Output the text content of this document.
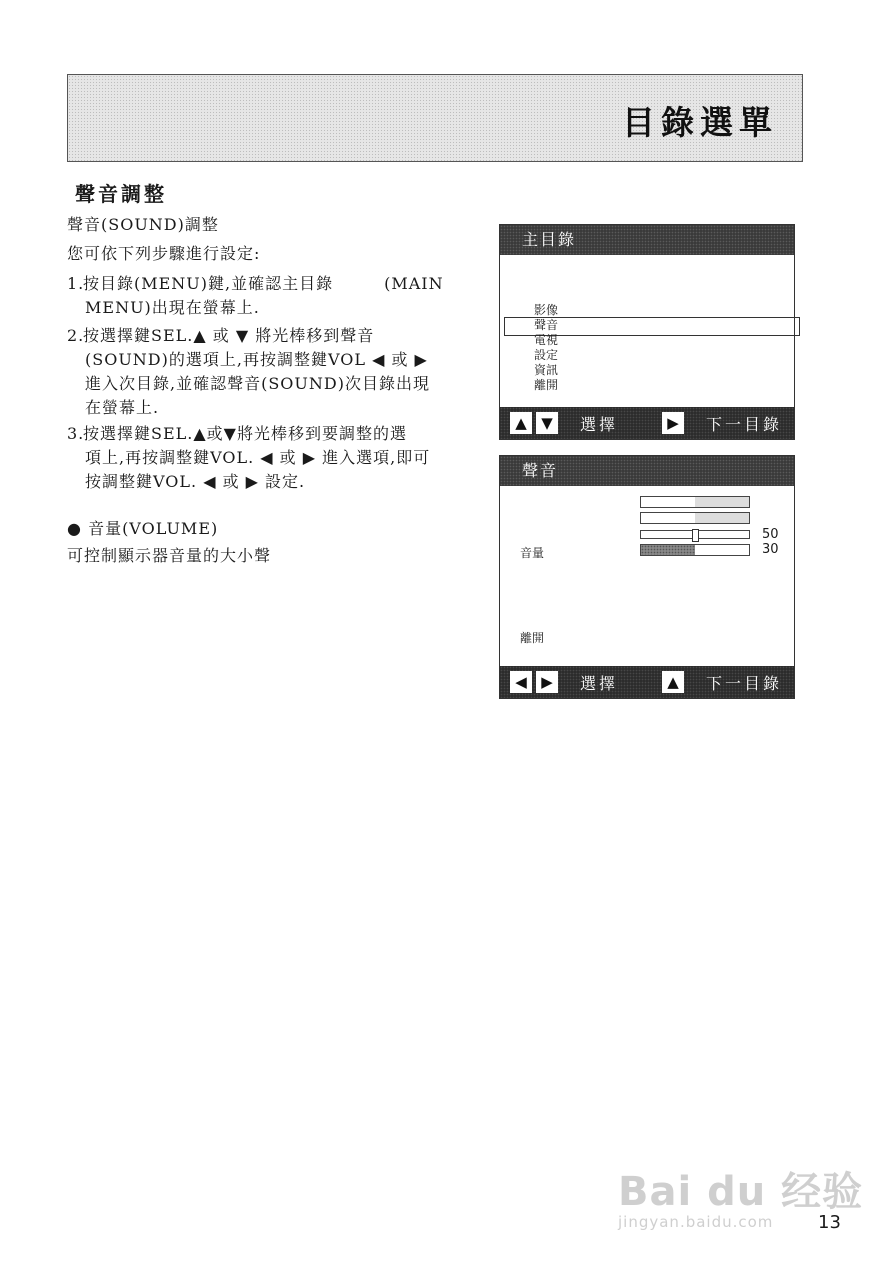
目錄選單
聲音調整
聲音(SOUND)調整
您可依下列步驟進行設定:
1.按目錄(MENU)鍵,並確認主目錄　　　(MAIN
MENU)出現在螢幕上.
2.按選擇鍵SEL.▲ 或 ▼ 將光棒移到聲音
(SOUND)的選項上,再按調整鍵VOL ◀ 或 ▶
進入次目錄,並確認聲音(SOUND)次目錄出現
在螢幕上.
3.按選擇鍵SEL.▲或▼將光棒移到要調整的選
項上,再按調整鍵VOL. ◀ 或 ▶ 進入選項,即可
按調整鍵VOL. ◀ 或 ▶ 設定.
● 音量(VOLUME)
可控制顯示器音量的大小聲
主目錄
影像
聲音
電視
設定
資訊
離開
▲ ▼	選擇	▶	下一目錄
聲音
50
30
音量
離開
◀ ▶	選擇	▲	下一目錄
Bai du 经验
jingyan.baidu.com	13
